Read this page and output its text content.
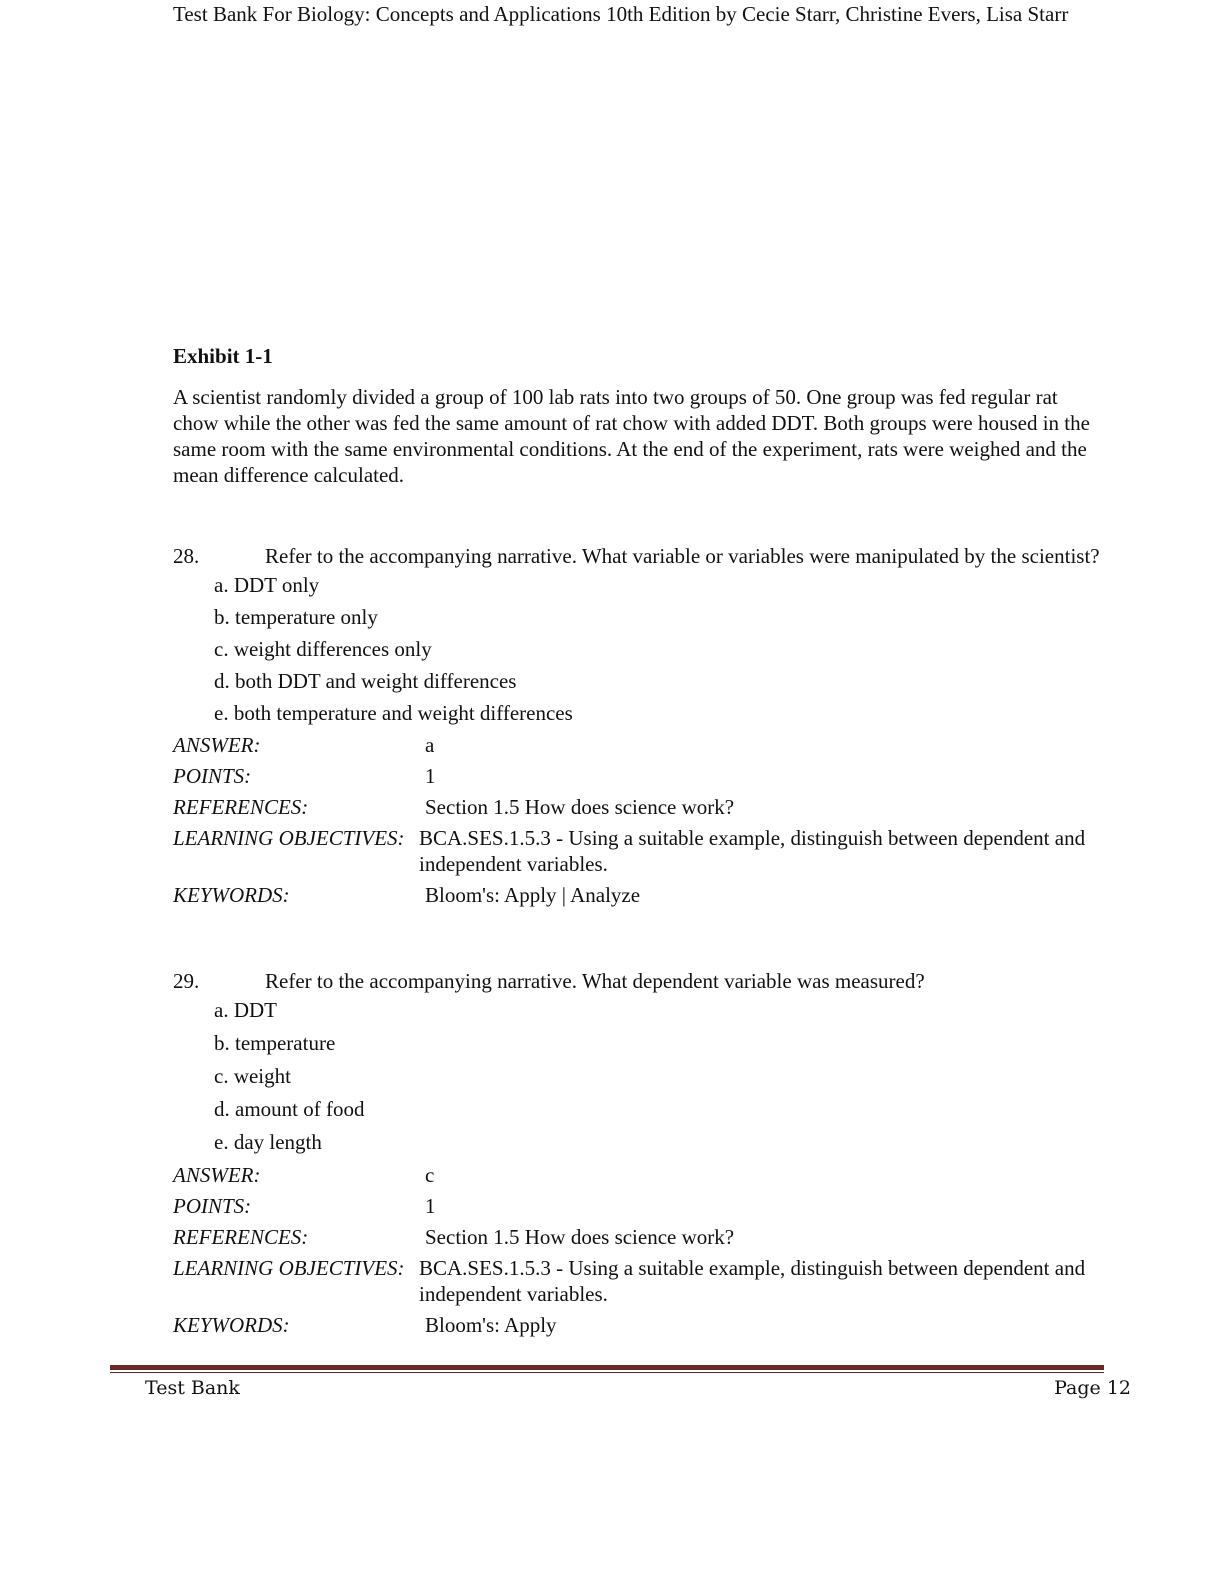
Test Bank For Biology: Concepts and Applications 10th Edition by Cecie Starr, Christine Evers, Lisa Starr
Exhibit 1-1
A scientist randomly divided a group of 100 lab rats into two groups of 50. One group was fed regular rat chow while the other was fed the same amount of rat chow with added DDT. Both groups were housed in the same room with the same environmental conditions. At the end of the experiment, rats were weighed and the mean difference calculated.
28.	Refer to the accompanying narrative. What variable or variables were manipulated by the scientist?
a. DDT only
b. temperature only
c. weight differences only
d. both DDT and weight differences
e. both temperature and weight differences
ANSWER:	a
POINTS:	1
REFERENCES:	Section 1.5 How does science work?
LEARNING OBJECTIVES: BCA.SES.1.5.3 - Using a suitable example, distinguish between dependent and independent variables.
KEYWORDS:	Bloom's: Apply | Analyze
29.	Refer to the accompanying narrative. What dependent variable was measured?
a. DDT
b. temperature
c. weight
d. amount of food
e. day length
ANSWER:	c
POINTS:	1
REFERENCES:	Section 1.5 How does science work?
LEARNING OBJECTIVES: BCA.SES.1.5.3 - Using a suitable example, distinguish between dependent and independent variables.
KEYWORDS:	Bloom's: Apply
Test Bank	Page 12
